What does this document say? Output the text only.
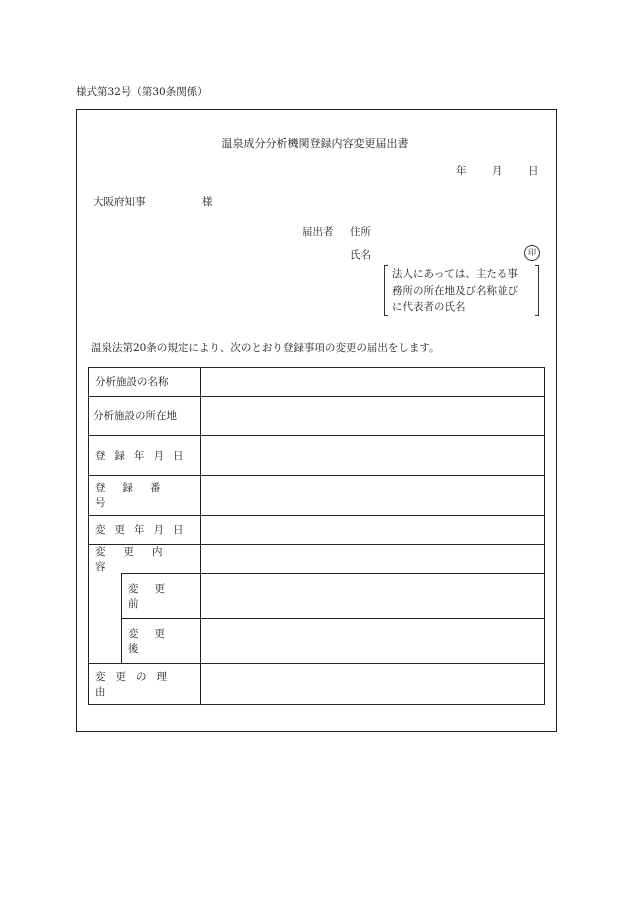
様式第32号（第30条関係）
温泉成分分析機関登録内容変更届出書
年 月 日
大阪府知事	様
届出者 住所
氏名	印
法人にあっては、主たる事
務所の所在地及び名称並び
に代表者の氏名
温泉法第20条の規定により、次のとおり登録事項の変更の届出をします。
分析施設の名称
分析施設の所在地
登録年月日
登録番号
変更年月日
変更内容
変更前
変更後
変更の理由
